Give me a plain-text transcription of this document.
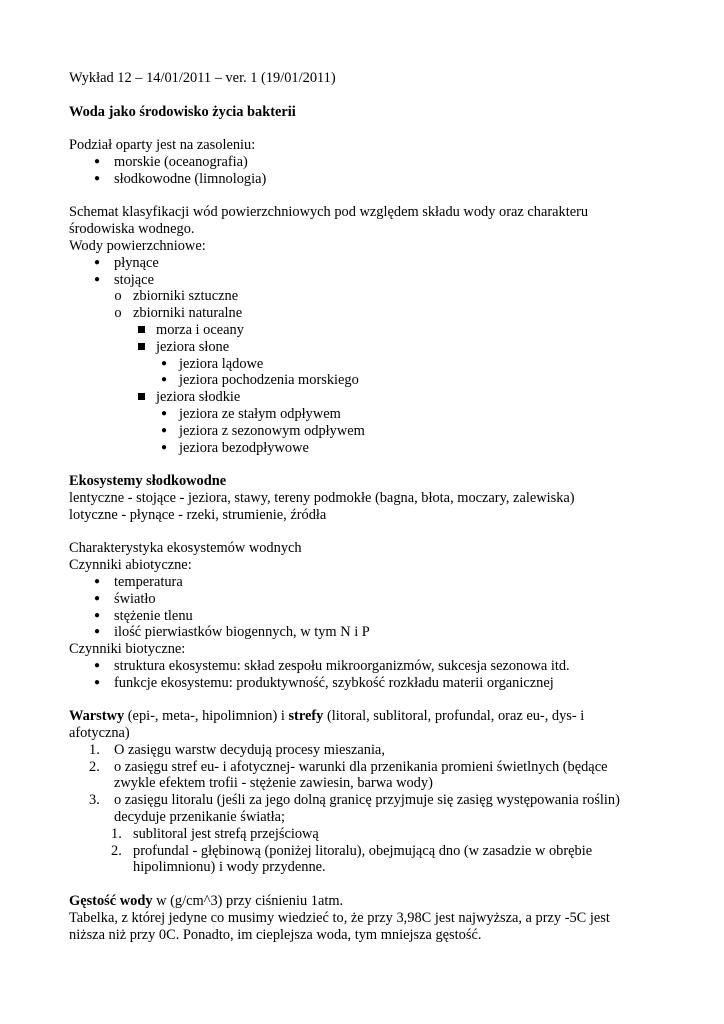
Wykład 12 – 14/01/2011 – ver. 1 (19/01/2011)

Woda jako środowisko życia bakterii

Podział oparty jest na zasoleniu:

● morskie (oceanografia)
● słodkowodne (limnologia)

Schemat klasyfikacji wód powierzchniowych pod względem składu wody oraz charakteru środowiska wodnego.

Wody powierzchniowe:

● płynące
● stojące
o zbiorniki sztuczne
o zbiorniki naturalne
morza i oceany
jeziora słone
● jeziora lądowe
● jeziora pochodzenia morskiego
jeziora słodkie
● jeziora ze stałym odpływem
● jeziora z sezonowym odpływem
● jeziora bezodpływowe

Ekosystemy słodkowodne

lentyczne - stojące - jeziora, stawy, tereny podmokłe (bagna, błota, moczary, zalewiska)

lotyczne - płynące - rzeki, strumienie, źródła

Charakterystyka ekosystemów wodnych

Czynniki abiotyczne:

● temperatura
● światło
● stężenie tlenu
● ilość pierwiastków biogennych, w tym N i P

Czynniki biotyczne:

● struktura ekosystemu: skład zespołu mikroorganizmów, sukcesja sezonowa itd.
● funkcje ekosystemu: produktywność, szybkość rozkładu materii organicznej

Warstwy (epi-, meta-, hipolimnion) i strefy (litoral, sublitoral, profundal, oraz eu-, dys- i afotyczna)

1. O zasięgu warstw decydują procesy mieszania,
2. o zasięgu stref eu- i afotycznej- warunki dla przenikania promieni świetlnych (będące zwykle efektem trofii - stężenie zawiesin, barwa wody)
3. o zasięgu litoralu (jeśli za jego dolną granicę przyjmuje się zasięg występowania roślin) decyduje przenikanie światła;
1. sublitoral jest strefą przejściową
2. profundal - głębinową (poniżej litoralu), obejmującą dno (w zasadzie w obrębie hipolimnionu) i wody przydenne.

Gęstość wody w (g/cm^3) przy ciśnieniu 1atm.

Tabelka, z której jedyne co musimy wiedzieć to, że przy 3,98C jest najwyższa, a przy -5C jest niższa niż przy 0C. Ponadto, im cieplejsza woda, tym mniejsza gęstość.
